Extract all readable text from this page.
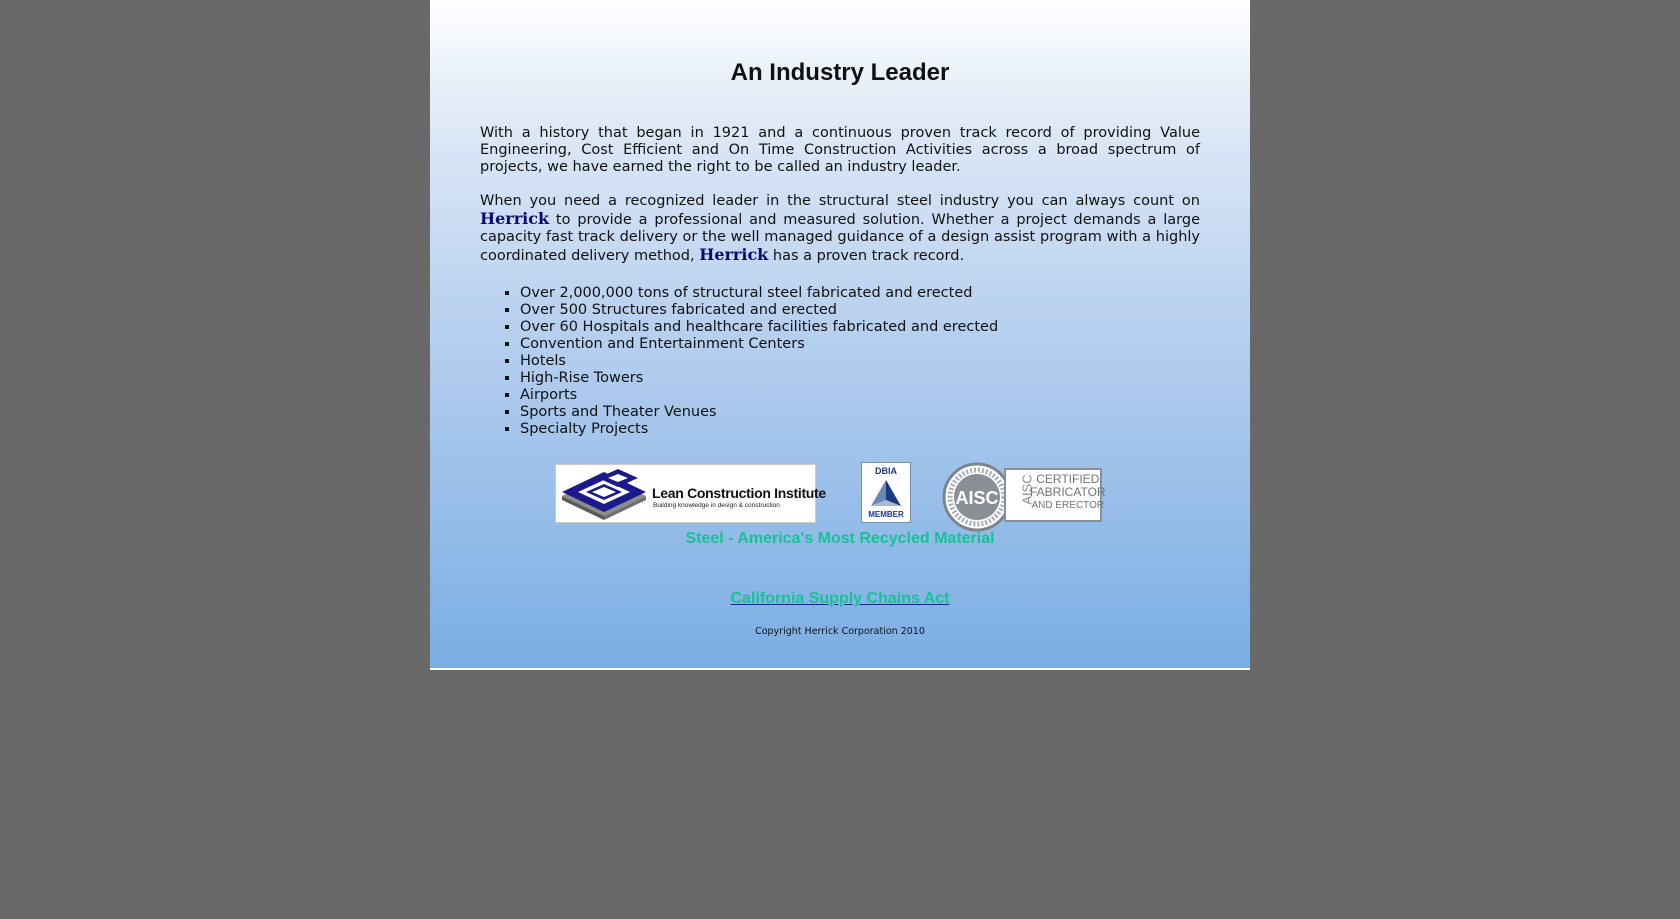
An Industry Leader

With a history that began in 1921 and a continuous proven track record of providing Value Engineering, Cost Efficient and On Time Construction Activities across a broad spectrum of projects, we have earned the right to be called an industry leader.

When you need a recognized leader in the structural steel industry you can always count on Herrick to provide a professional and measured solution. Whether a project demands a large capacity fast track delivery or the well managed guidance of a design assist program with a highly coordinated delivery method, Herrick has a proven track record.

▪ Over 2,000,000 tons of structural steel fabricated and erected
▪ Over 500 Structures fabricated and erected
▪ Over 60 Hospitals and healthcare facilities fabricated and erected
▪ Convention and Entertainment Centers
▪ Hotels
▪ High-Rise Towers
▪ Airports
▪ Sports and Theater Venues
▪ Specialty Projects
Lean Construction Institute
Building knowledge in design & construction
DBIA
MEMBER
AISC AISC CERTIFIED
FABRICATOR
AND ERECTOR
Steel - America's Most Recycled Material
California Supply Chains Act
Copyright Herrick Corporation 2010
